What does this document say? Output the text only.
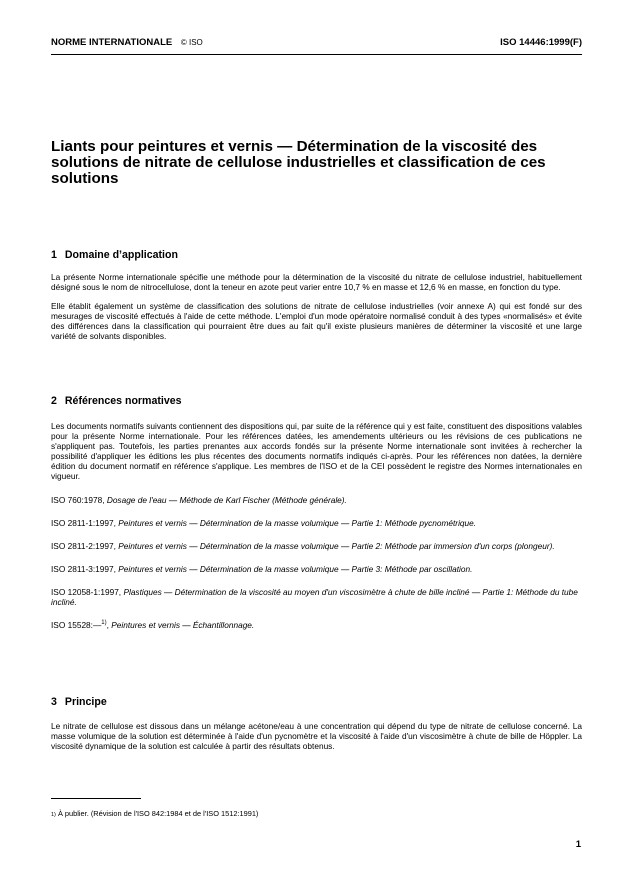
NORME INTERNATIONALE © ISO	ISO 14446:1999(F)
Liants pour peintures et vernis — Détermination de la viscosité des solutions de nitrate de cellulose industrielles et classification de ces solutions
1 Domaine d’application

La présente Norme internationale spécifie une méthode pour la détermination de la viscosité du nitrate de cellulose industriel, habituellement désigné sous le nom de nitrocellulose, dont la teneur en azote peut varier entre 10,7 % en masse et 12,6 % en masse, en fonction du type.

Elle établit également un système de classification des solutions de nitrate de cellulose industrielles (voir annexe A) qui est fondé sur des mesurages de viscosité effectués à l'aide de cette méthode. L'emploi d'un mode opératoire normalisé conduit à des types «normalisés» et évite des différences dans la classification qui pourraient être dues au fait qu'il existe plusieurs manières de déterminer la viscosité et une large variété de solvants disponibles.

2 Références normatives

Les documents normatifs suivants contiennent des dispositions qui, par suite de la référence qui y est faite, constituent des dispositions valables pour la présente Norme internationale. Pour les références datées, les amendements ultérieurs ou les révisions de ces publications ne s'appliquent pas. Toutefois, les parties prenantes aux accords fondés sur la présente Norme internationale sont invitées à rechercher la possibilité d'appliquer les éditions les plus récentes des documents normatifs indiqués ci-après. Pour les références non datées, la dernière édition du document normatif en référence s'applique. Les membres de l'ISO et de la CEI possèdent le registre des Normes internationales en vigueur.

ISO 760:1978, Dosage de l'eau — Méthode de Karl Fischer (Méthode générale).
ISO 2811-1:1997, Peintures et vernis — Détermination de la masse volumique — Partie 1: Méthode pycnométrique.
ISO 2811-2:1997, Peintures et vernis — Détermination de la masse volumique — Partie 2: Méthode par immersion d'un corps (plongeur).
ISO 2811-3:1997, Peintures et vernis — Détermination de la masse volumique — Partie 3: Méthode par oscillation.
ISO 12058-1:1997, Plastiques — Détermination de la viscosité au moyen d'un viscosimètre à chute de bille incliné — Partie 1: Méthode du tube incliné.
ISO 15528:—$^{1)}$, Peintures et vernis — Échantillonnage.
3 Principe

Le nitrate de cellulose est dissous dans un mélange acétone/eau à une concentration qui dépend du type de nitrate de cellulose concerné. La masse volumique de la solution est déterminée à l'aide d'un pycnomètre et la viscosité à l'aide d'un viscosimètre à chute de bille de Höppler. La viscosité dynamique de la solution est calculée à partir des résultats obtenus.

1) À publier. (Révision de l'ISO 842:1984 et de l'ISO 1512:1991)
1
